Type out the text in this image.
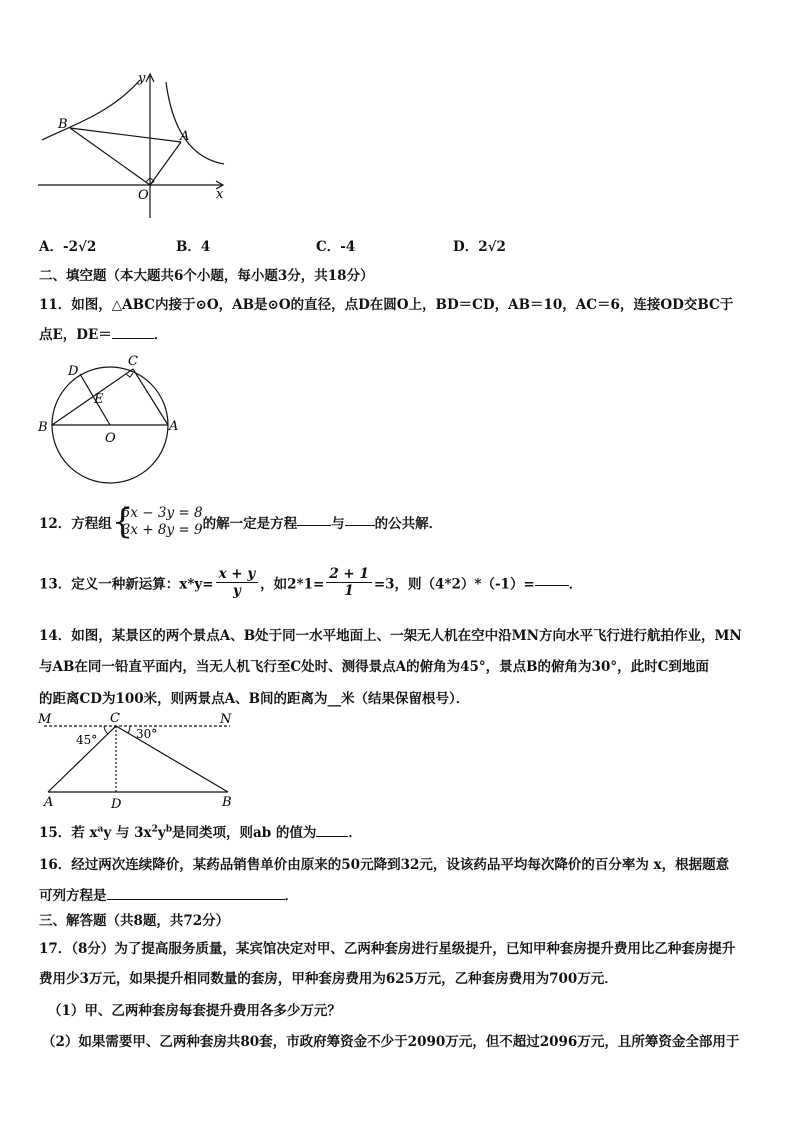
y
x
B
A
O
A．-2√2	B．4	C．-4	D．2√2
二、填空题（本大题共6个小题，每小题3分，共18分）
11．如图，△ABC内接于⊙O，AB是⊙O的直径，点D在圆O上，BD＝CD，AB＝10，AC＝6，连接OD交BC于
点E，DE＝	．
D
C
E
B
O
A
12．方程组 {
5x − 3y = 8
3x + 8y = 9 的解一定是方程	与 的公共解．
13．定义一种新运算：$x*y= \frac{x + y}{y}$ ，如$2*1= \frac{2 + 1}{1} =3$，则（4*2）*（-1）=	．
14．如图，某景区的两个景点A、B处于同一水平地面上、一架无人机在空中沿MN方向水平飞行进行航拍作业，MN
与AB在同一铅直平面内，当无人机飞行至C处时、测得景点A的俯角为45°，景点B的俯角为30°，此时C到地面
的距离CD为100米，则两景点A、B间的距离为__米（结果保留根号）．
M	C	N
45°	30°
A	D	B
15．若 $x^ay$ 与 $3x^2y^b$是同类项，则ab 的值为 ．
16．经过两次连续降价，某药品销售单价由原来的50元降到32元，设该药品平均每次降价的百分率为 x，根据题意
可列方程是	．
三、解答题（共8题，共72分）
17．（8分）为了提高服务质量，某宾馆决定对甲、乙两种套房进行星级提升，已知甲种套房提升费用比乙种套房提升
费用少3万元，如果提升相同数量的套房，甲种套房费用为625万元，乙种套房费用为700万元．
（1）甲、乙两种套房每套提升费用各多少万元？
（2）如果需要甲、乙两种套房共80套，市政府筹资金不少于2090万元，但不超过2096万元，且所筹资金全部用于
